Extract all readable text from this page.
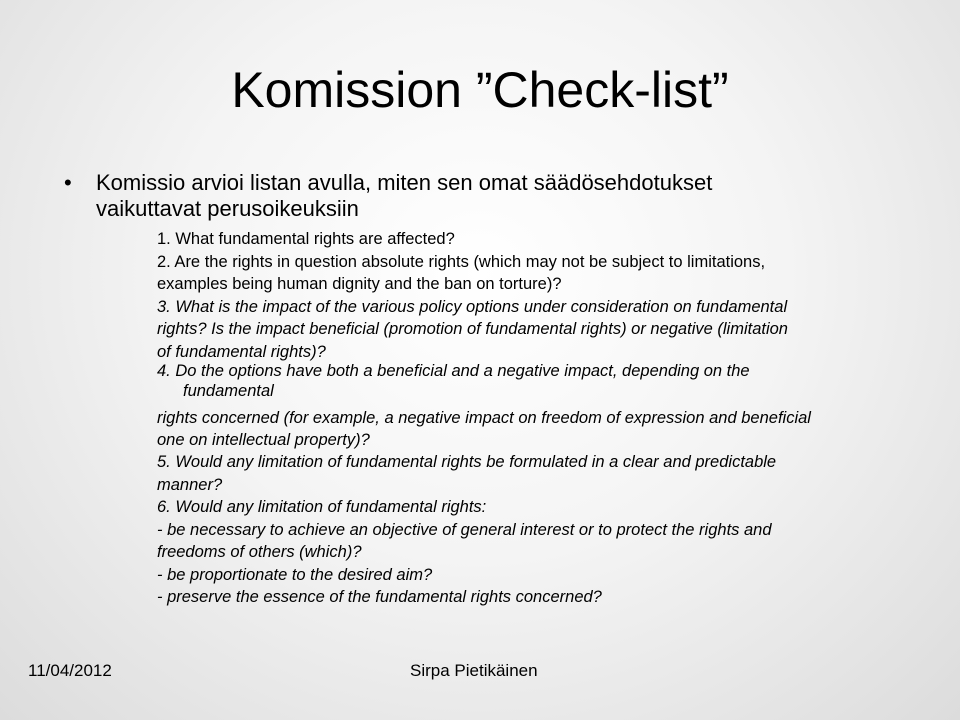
Komission ”Check-list”
• Komissio arvioi listan avulla, miten sen omat säädösehdotukset
vaikuttavat perusoikeuksiin
1. What fundamental rights are affected?
2. Are the rights in question absolute rights (which may not be subject to limitations,
examples being human dignity and the ban on torture)?
3. What is the impact of the various policy options under consideration on fundamental
rights? Is the impact beneficial (promotion of fundamental rights) or negative (limitation
of fundamental rights)?
4. Do the options have both a beneficial and a negative impact, depending on the
fundamental
rights concerned (for example, a negative impact on freedom of expression and beneficial
one on intellectual property)?
5. Would any limitation of fundamental rights be formulated in a clear and predictable
manner?
6. Would any limitation of fundamental rights:
- be necessary to achieve an objective of general interest or to protect the rights and
freedoms of others (which)?
- be proportionate to the desired aim?
- preserve the essence of the fundamental rights concerned?
11/04/2012	Sirpa Pietikäinen
